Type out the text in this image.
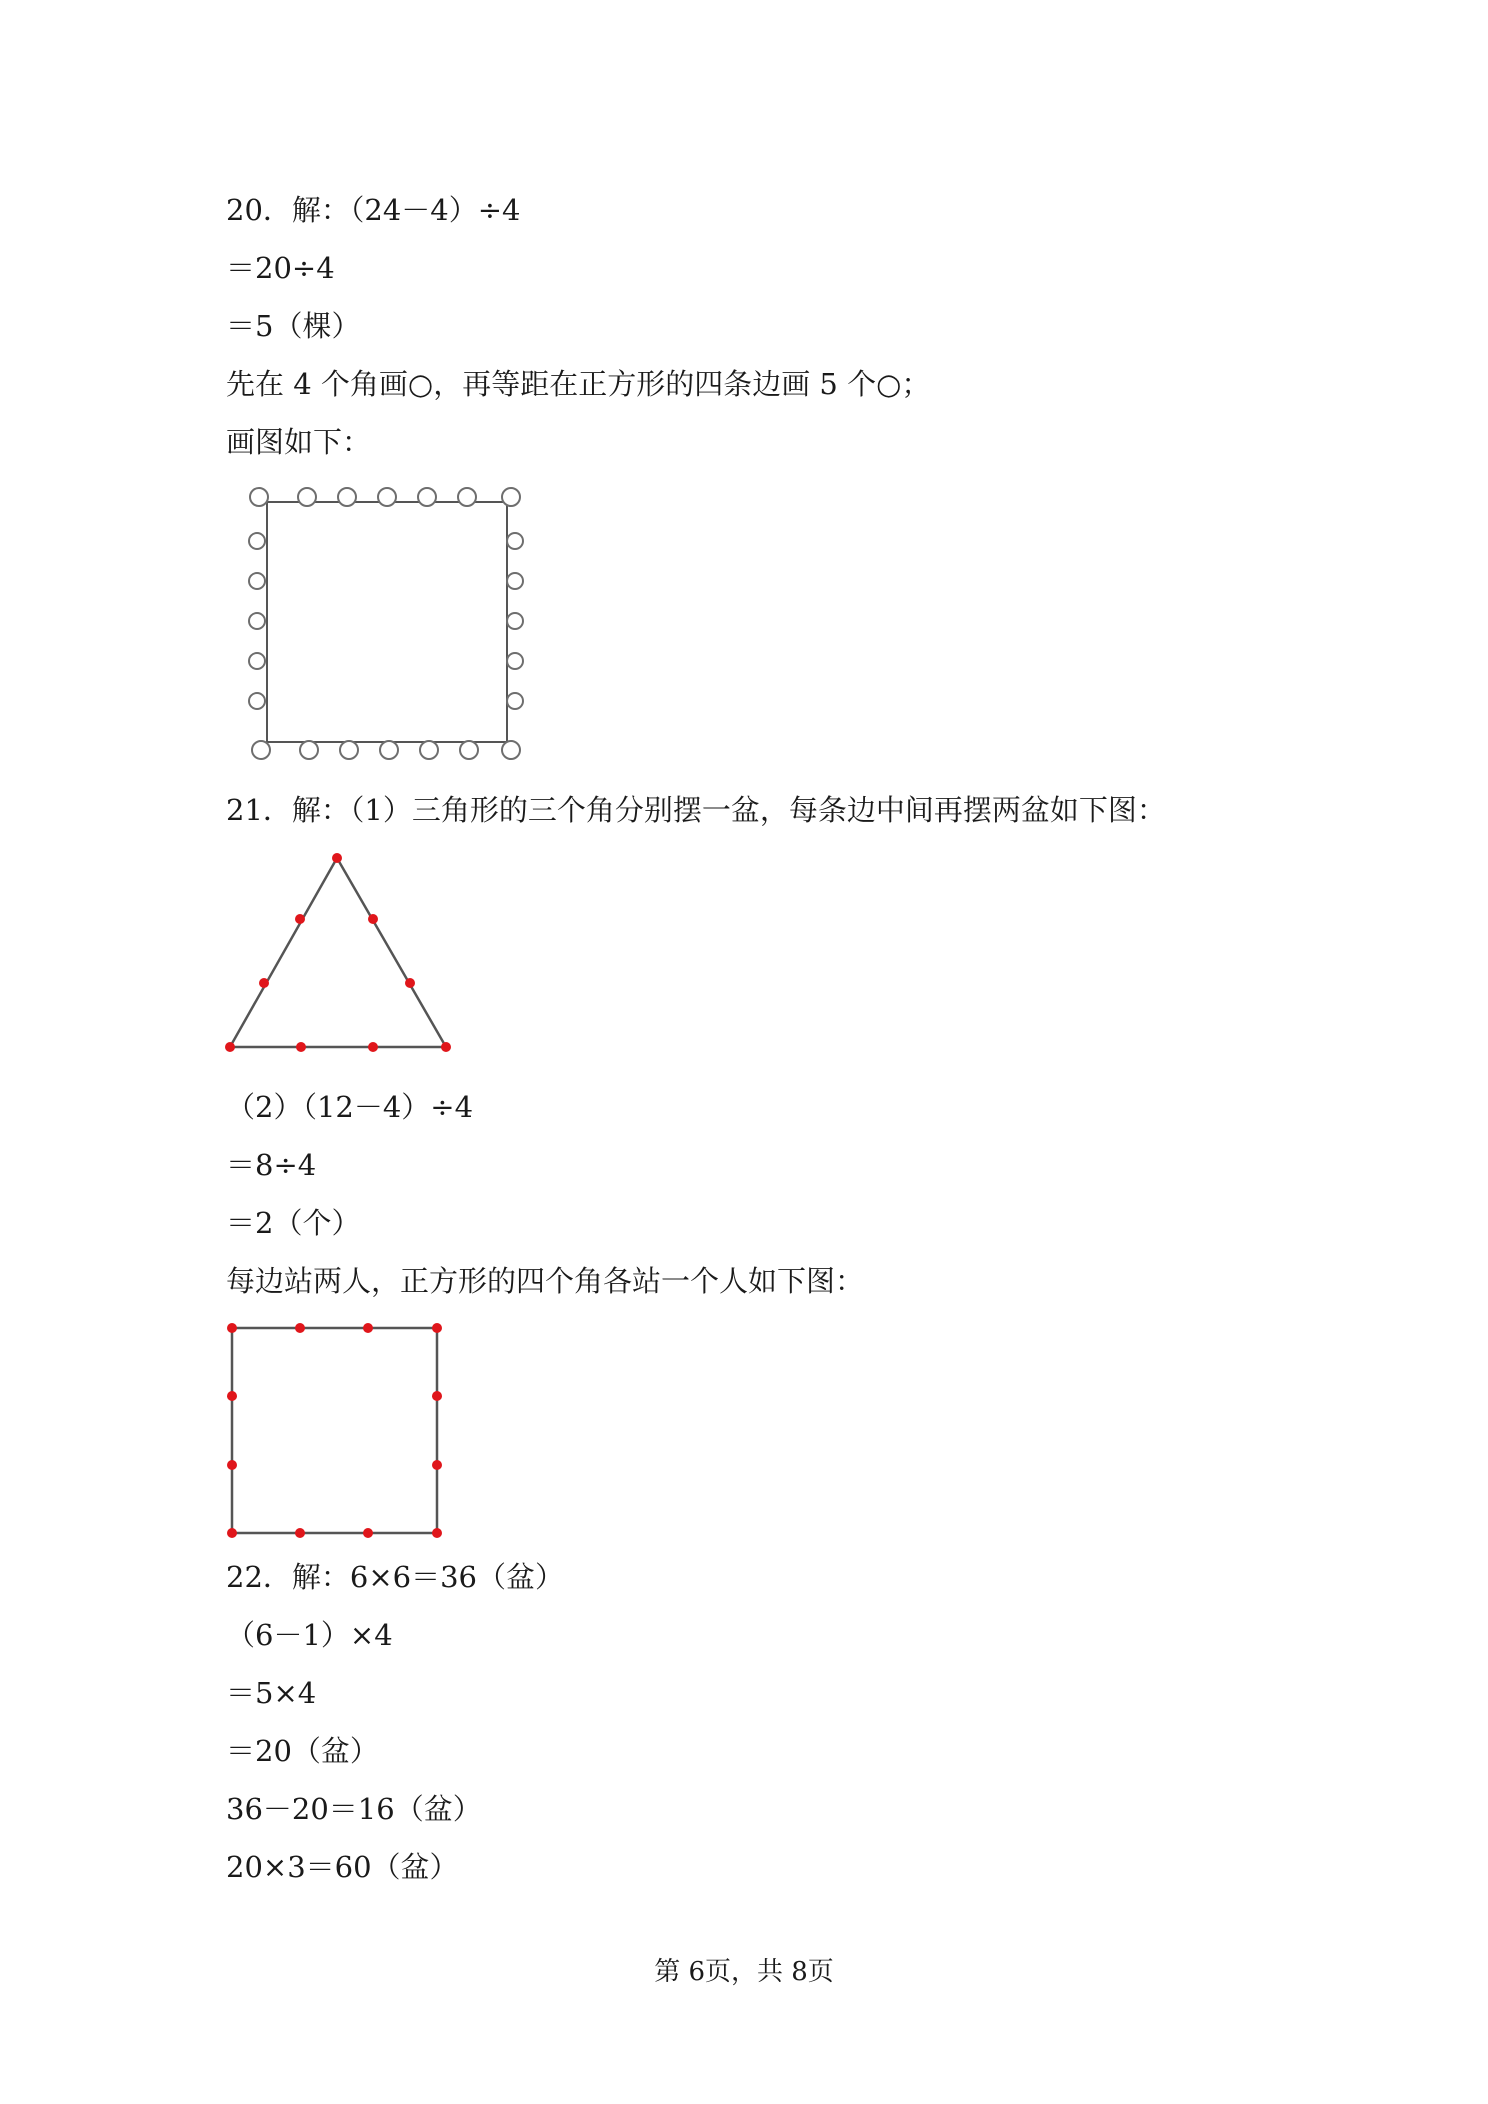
20．解：（24－4）÷4
＝20÷4
＝5（棵）
先在 4 个角画○，再等距在正方形的四条边画 5 个○；
画图如下：
21．解：（1）三角形的三个角分别摆一盆，每条边中间再摆两盆如下图：
（2）（12－4）÷4
＝8÷4
＝2（个）
每边站两人，正方形的四个角各站一个人如下图：
22．解：6×6＝36（盆）
（6－1）×4
＝5×4
＝20（盆）
36－20＝16（盆）
20×3＝60（盆）
第 6页，共 8页
